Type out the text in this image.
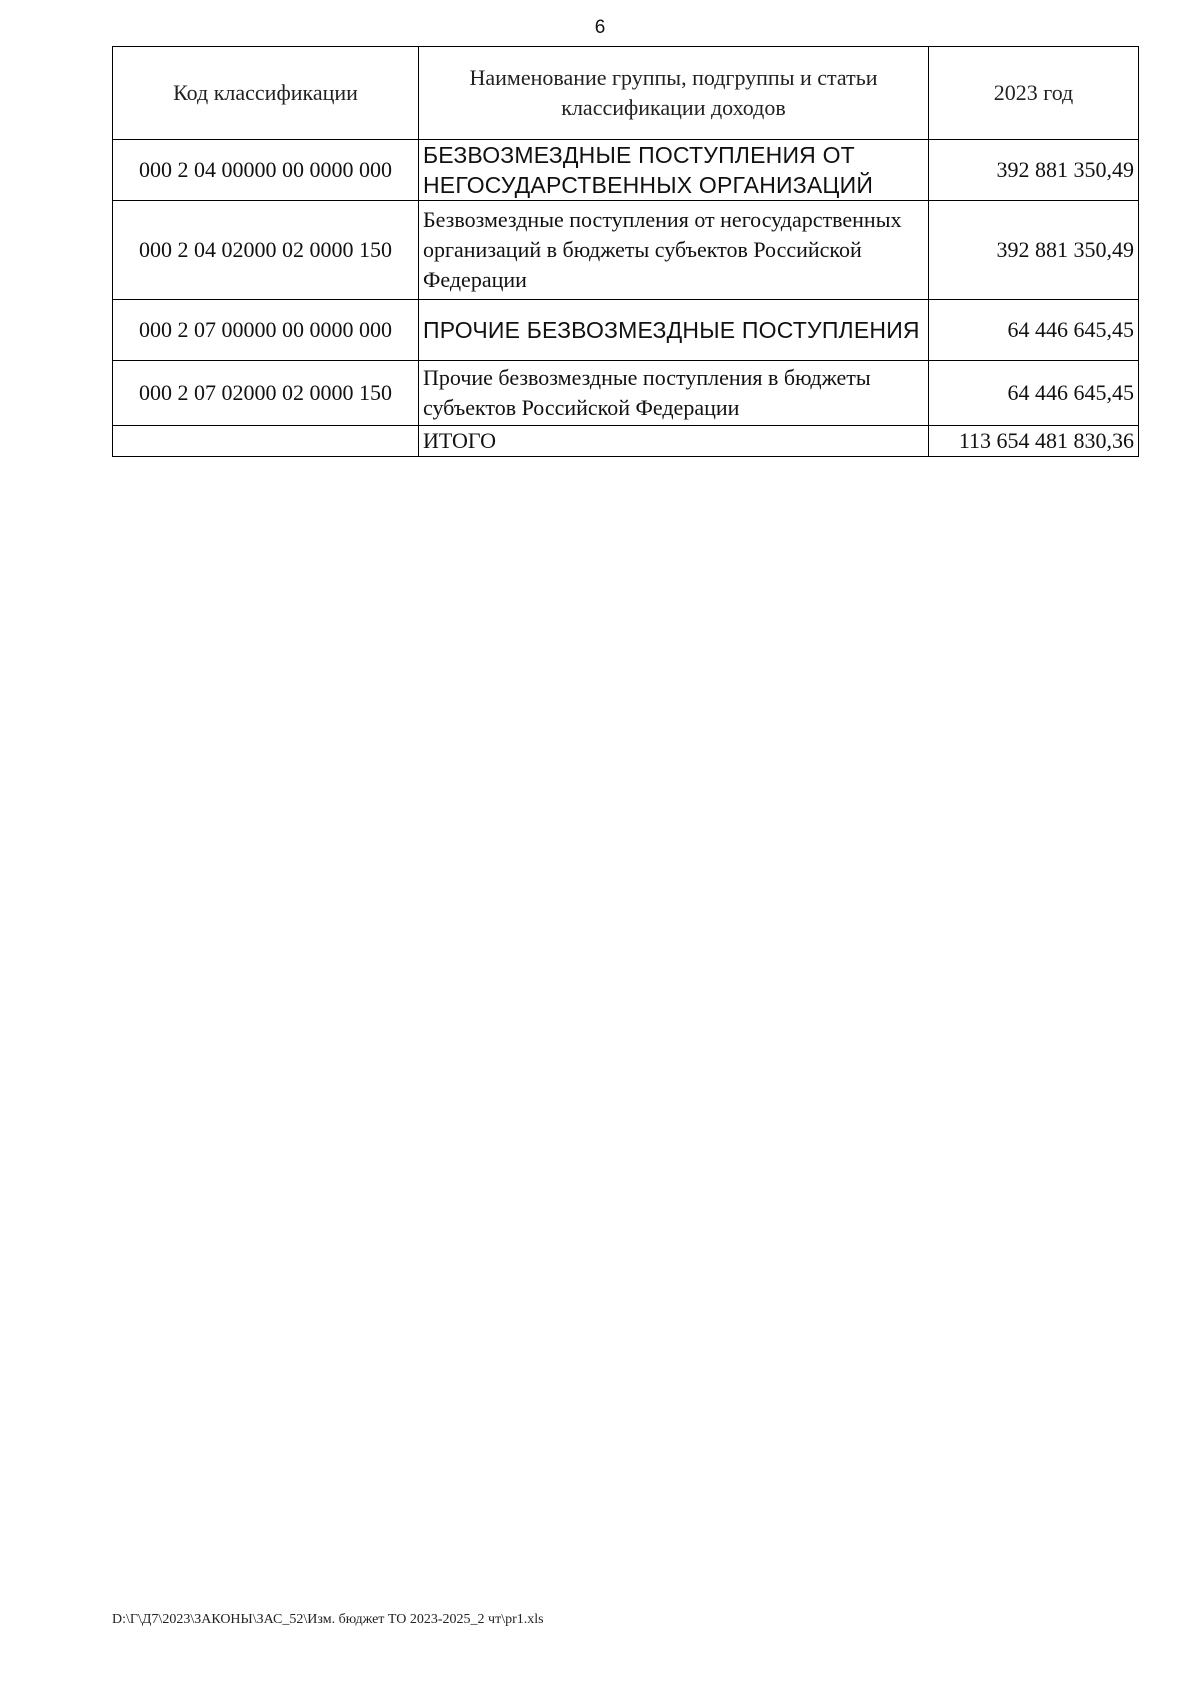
6
Код классификации	Наименование группы, подгруппы и статьи классификации доходов	2023 год
000 2 04 00000 00 0000 000	БЕЗВОЗМЕЗДНЫЕ ПОСТУПЛЕНИЯ ОТ НЕГОСУДАРСТВЕННЫХ ОРГАНИЗАЦИЙ	392 881 350,49
000 2 04 02000 02 0000 150	Безвозмездные поступления от негосударственных организаций в бюджеты субъектов Российской Федерации	392 881 350,49
000 2 07 00000 00 0000 000	ПРОЧИЕ БЕЗВОЗМЕЗДНЫЕ ПОСТУПЛЕНИЯ	64 446 645,45
000 2 07 02000 02 0000 150	Прочие безвозмездные поступления в бюджеты субъектов Российской Федерации	64 446 645,45
	ИТОГО	113 654 481 830,36
D:\Г\Д7\2023\ЗАКОНЫ\ЗАС_52\Изм. бюджет ТО 2023-2025_2 чт\pr1.xls
